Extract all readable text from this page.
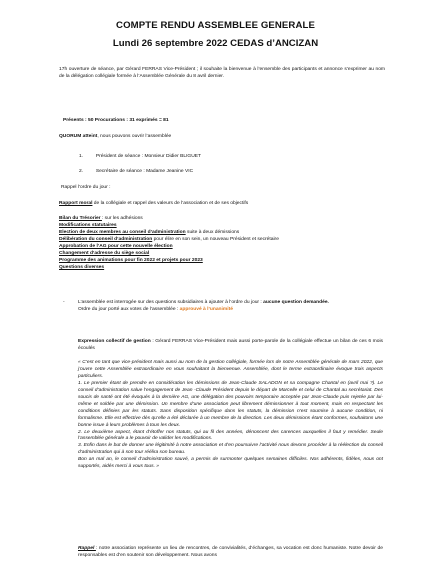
COMPTE RENDU ASSEMBLEE GENERALE
Lundi 26 septembre 2022 CEDAS d’ANCIZAN

17h ouverture de séance, par Gérard FERRAS Vice-Président ; il souhaite la bienvenue à l’ensemble des participants et annonce s’exprimer au nom de la délégation collégiale formée à l’Assemblée Générale du 8 avril dernier.

Présents : 50 Procurations : 31 exprimés = 81
QUORUM atteint, nous pouvons ouvrir l’assemblée
1.	Président de séance : Monsieur Didier BLIGUET
2.	Secrétaire de séance : Madame Jeanine VIC
Rappel l’ordre du jour :
Rapport moral de la collégiale et rappel des valeurs de l’association et de ses objectifs
Bilan du Trésorier : sur les adhésions
Modifications statutaires
Election de deux membres au conseil d’administration suite à deux démissions
Délibération du conseil d’administration pour élire en son sein, un nouveau Président et secrétaire
Approbation de l’AG pour cette nouvelle élection
Changement d’adresse du siège social
Programme des animations pour fin 2022 et projets pour 2023
Questions diverses
-	L’assemblée est interrogée sur des questions subsidiaires à ajouter à l’ordre du jour : aucune question demandée.

Ordre du jour porté aux votes de l’assemblée : approuvé à l’unanimité

Expression collectif de gestion : Gérard FERRAS Vice-Président mais aussi porte-parole de la collégiale effectue un bilan de ces 6 mois écoulés

« C’est en tant que vice-président mais aussi au nom de la gestion collégiale, formée lors de notre Assemblée générale de mars 2022, que j’ouvre cette Assemblée extraordinaire en vous souhaitant la bienvenue. Assemblée, dont le terme extraordinaire évoque trois aspects particuliers.

1. Le premier étant de prendre en considération les démissions de Jean-Claude SALADON et sa compagne Chantal en (avril mai ?). Le conseil d’administration salue l’engagement de Jean -Claude Président depuis le départ de Marcelle et celui de Chantal au secrétariat. Des soucis de santé ont été évoqués à la dernière AG, une délégation des pouvoirs temporaire acceptée par Jean-Claude puis rejetée par lui-même et soldée par une démission. Un membre d’une association peut librement démissionner à tout moment, mais en respectant les conditions définies par les statuts. Sans disposition spécifique dans les statuts, la démission n’est soumise à aucune condition, ni formalisme. Elle est effective dès qu’elle a été déclarée à un membre de la direction. Les deux démissions étant conformes, souhaitons une bonne issue à leurs problèmes à tous les deux.

2. Le deuxième aspect, étant d’étoffer nos statuts, qui au fil des années, dénoncent des carences auxquelles il faut y remédier. Seule l’assemblée générale a le pouvoir de valider les modifications.

3. Enfin dans le but de donner une légitimité à notre association et d’en poursuivre l’activité nous devons procéder à la réélection du conseil d’administration qui à son tour réélira son bureau.

Bon an mal an, le conseil d’administration sauvé, a permis de surmonter quelques semaines difficiles. Nos adhérents, fidèles, nous ont supportés, aidés merci à vous tous. »

Rappel : notre association représente un lieu de rencontres, de convivialités, d’échanges, sa vocation est donc humaniste. Notre devoir de responsables est d’en soutenir son développement. Nous avons
